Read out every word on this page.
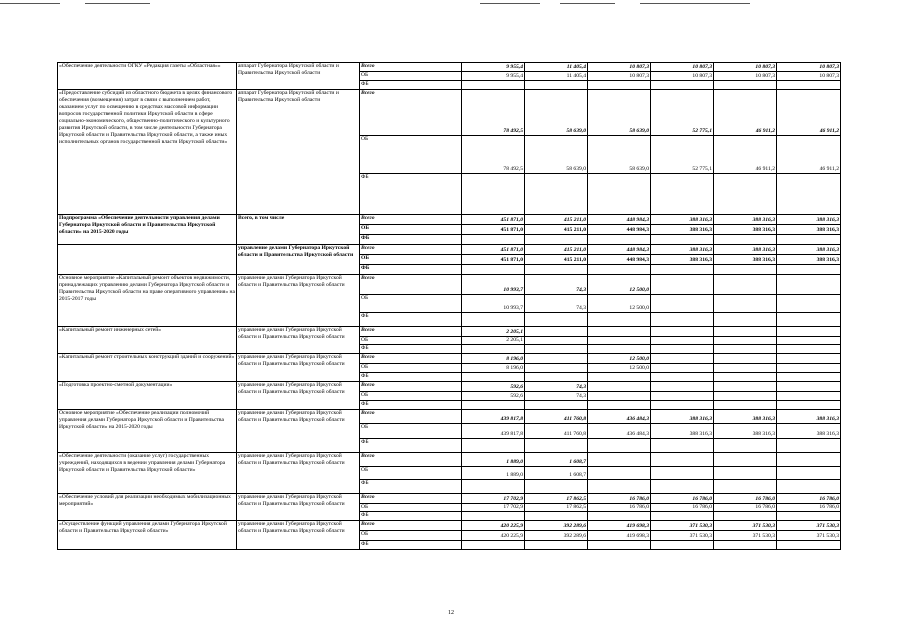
«Обеспечение деятельности ОГКУ «Редакция газеты «Областная»»	аппарат Губернатора Иркутской области и Правительства Иркутской области	Всего	9 955,4	11 405,4	10 807,3	10 807,3	10 807,3	10 807,3
		ОБ	9 955,4	11 405,4	10 807,3	10 807,3	10 807,3	10 807,3
		ФБ						
«Предоставление субсидий из областного бюджета в целях финансового обеспечения (возмещения) затрат в связи с выполнением работ, оказанием услуг по освещению в средствах массовой информации вопросов государственной политики Иркутской области в сфере социально-экономического, общественно-политического и культурного развития Иркутской области, в том числе деятельности Губернатора Иркутской области и Правительства Иркутской области, а также иных исполнительных органов государственной власти Иркутской области»	аппарат Губернатора Иркутской области и Правительства Иркутской области	Всего	78 492,5	58 639,0	58 639,0	52 775,1	46 911,2	46 911,2
		ОБ	78 492,5	58 639,0	58 639,0	52 775,1	46 911,2	46 911,2
		ФБ						
Подпрограмма «Обеспечение деятельности управления делами Губернатора Иркутской области и Правительства Иркутской области» на 2015-2020 годы	Всего, в том числе	Всего	451 871,0	415 211,0	448 984,3	388 316,3	388 316,3	388 316,3
		ОБ	451 871,0	415 211,0	448 984,3	388 316,3	388 316,3	388 316,3
		ФБ						
	управление делами Губернатора Иркутской области и Правительства Иркутской области	Всего	451 871,0	415 211,0	448 984,3	388 316,3	388 316,3	388 316,3
		ОБ	451 871,0	415 211,0	448 984,3	388 316,3	388 316,3	388 316,3
		ФБ						
Основное мероприятие «Капитальный ремонт объектов недвижимости, принадлежащих управлению делами Губернатора Иркутской области и Правительства Иркутской области на праве оперативного управления» на 2015-2017 годы	управление делами Губернатора Иркутской области и Правительства Иркутской области	Всего	10 993,7	74,3	12 500,0			
		ОБ	10 993,7	74,3	12 500,0			
		ФБ						
«Капитальный ремонт инженерных сетей»	управление делами Губернатора Иркутской области и Правительства Иркутской области	Всего	2 205,1					
		ОБ	2 205,1					
		ФБ						
«Капитальный ремонт строительных конструкций зданий и сооружений»	управление делами Губернатора Иркутской области и Правительства Иркутской области	Всего	8 196,0		12 500,0			
		ОБ	8 196,0		12 500,0			
		ФБ						
«Подготовка проектно-сметной документации»	управление делами Губернатора Иркутской области и Правительства Иркутской области	Всего	592,6	74,3				
		ОБ	592,6	74,3				
		ФБ						
Основное мероприятие «Обеспечение реализации полномочий управления делами Губернатора Иркутской области и Правительства Иркутской области» на 2015-2020 годы	управление делами Губернатора Иркутской области и Правительства Иркутской области	Всего	439 817,8	411 760,8	436 484,3	388 316,3	388 316,3	388 316,3
		ОБ	439 817,8	411 760,8	436 484,3	388 316,3	388 316,3	388 316,3
		ФБ						
«Обеспечение деятельности (оказание услуг) государственных учреждений, находящихся в ведении управления делами Губернатора Иркутской области и Правительства Иркутской области»	управление делами Губернатора Иркутской области и Правительства Иркутской области	Всего	1 889,0	1 608,7				
		ОБ	1 889,0	1 608,7				
		ФБ						
«Обеспечение условий для реализации необходимых мобилизационных мероприятий»	управление делами Губернатора Иркутской области и Правительства Иркутской области	Всего	17 702,9	17 862,5	16 786,0	16 786,0	16 786,0	16 786,0
		ОБ	17 702,9	17 862,5	16 786,0	16 786,0	16 786,0	16 786,0
		ФБ						
«Осуществление функций управления делами Губернатора Иркутской области и Правительства Иркутской области»	управление делами Губернатора Иркутской области и Правительства Иркутской области	Всего	420 225,9	392 289,6	419 698,3	371 530,3	371 530,3	371 530,3
		ОБ	420 225,9	392 289,6	419 698,3	371 530,3	371 530,3	371 530,3
		ФБ						
12
